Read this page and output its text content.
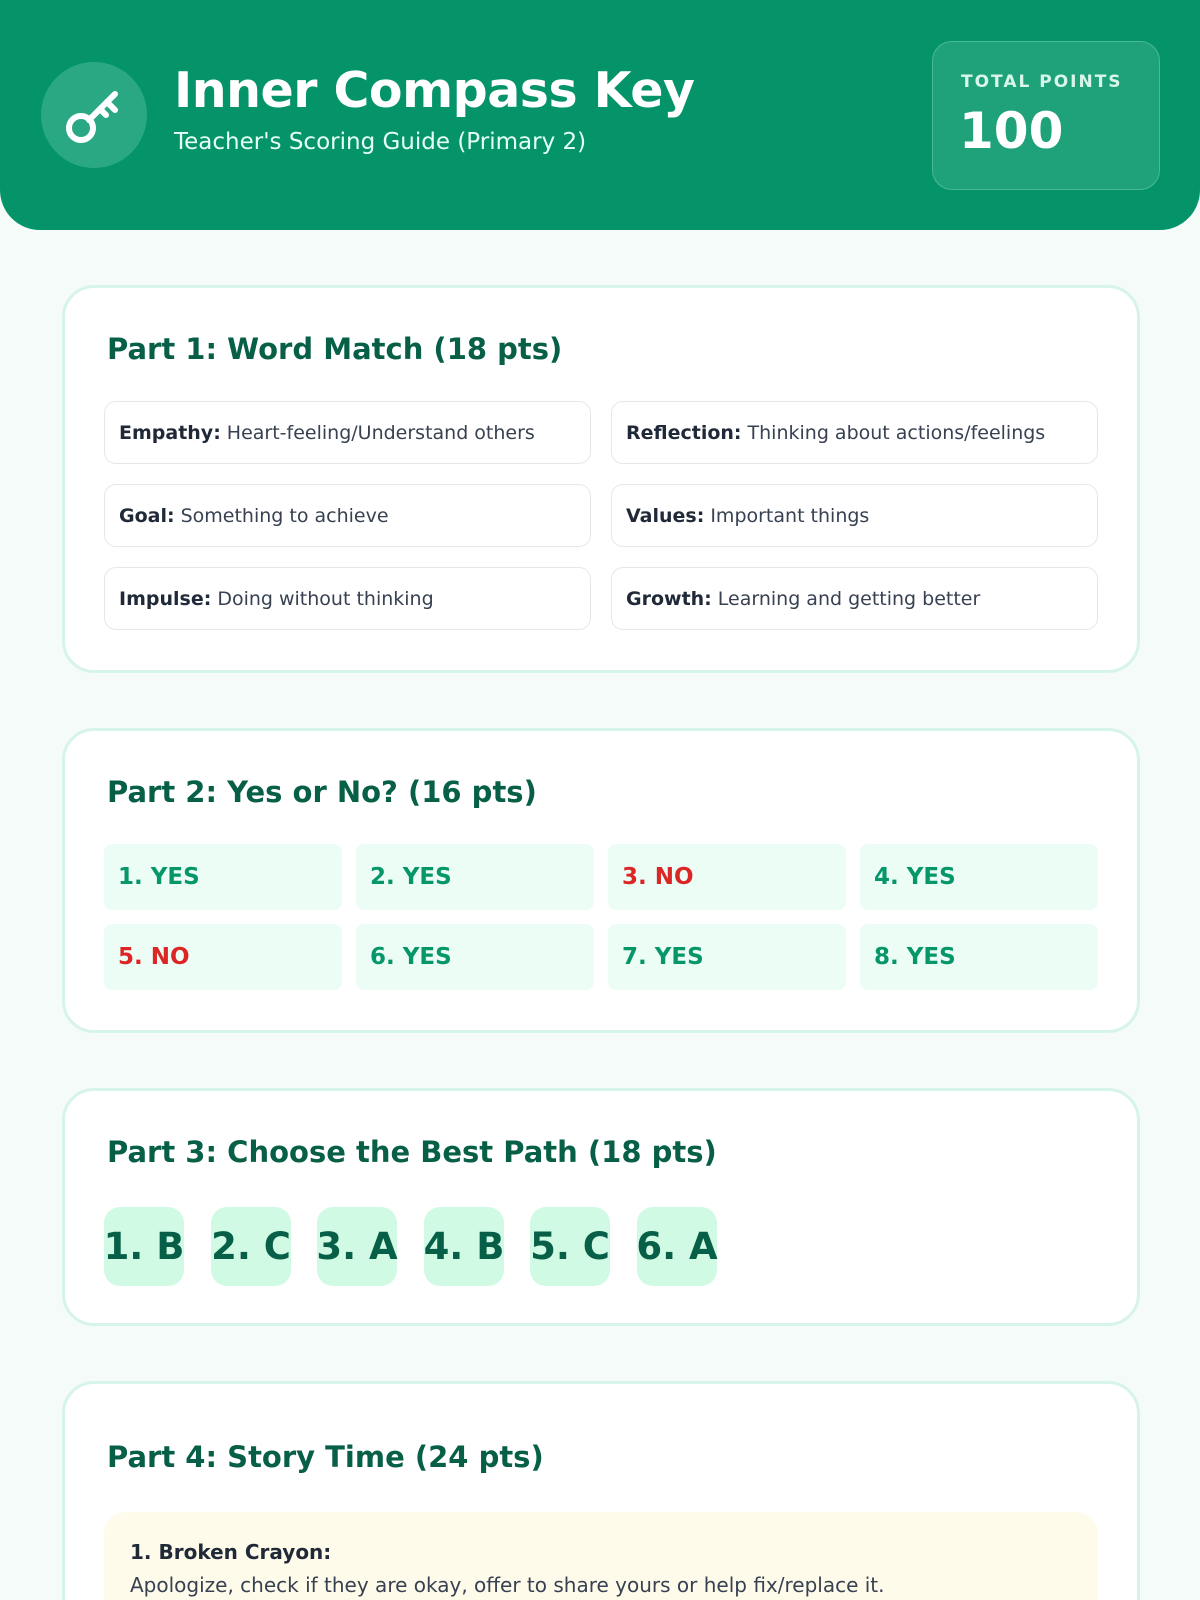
Inner Compass Key
Teacher's Scoring Guide (Primary 2)
TOTAL POINTS
100
Part 1: Word Match (18 pts)
Empathy: Heart-feeling/Understand others	Reflection: Thinking about actions/feelings
Goal: Something to achieve	Values: Important things
Impulse: Doing without thinking	Growth: Learning and getting better
Part 2: Yes or No? (16 pts)
1. YES	2. YES	3. NO	4. YES
5. NO	6. YES	7. YES	8. YES
Part 3: Choose the Best Path (18 pts)
1. B 2. C 3. A 4. B 5. C 6. A
Part 4: Story Time (24 pts)
1. Broken Crayon:
Apologize, check if they are okay, offer to share yours or help fix/replace it.
